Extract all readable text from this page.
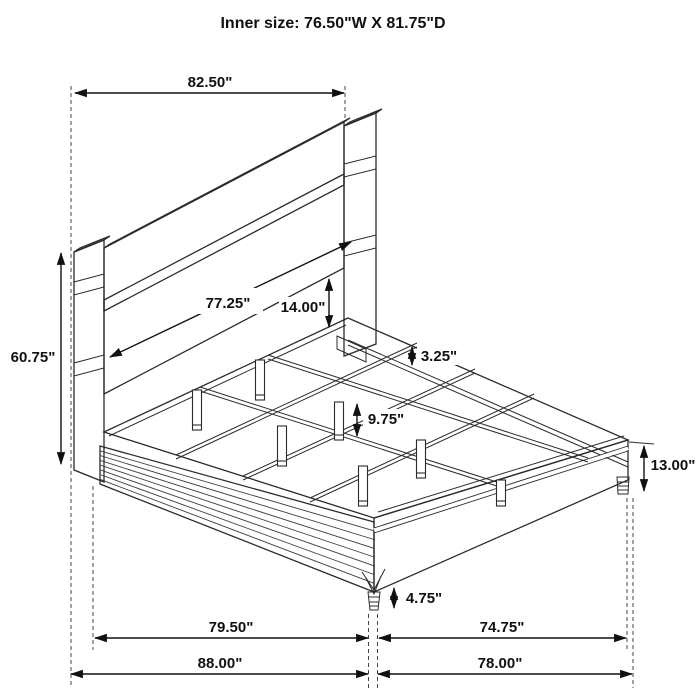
Inner size: 76.50"W X 81.75"D
82.50"
60.75"
77.25" 14.00"
3.25"
9.75"
13.00"
4.75"
79.50"	74.75"
88.00"	78.00"
